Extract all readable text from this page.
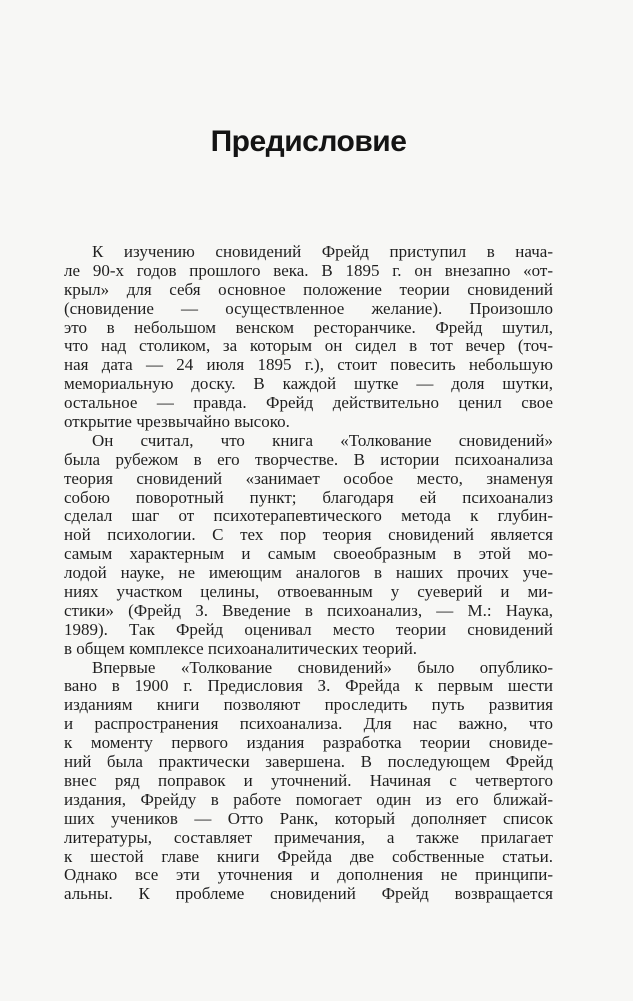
Предисловие
К изучению сновидений Фрейд приступил в нача-
ле 90-х годов прошлого века. В 1895 г. он внезапно «от-
крыл» для себя основное положение теории сновидений
(сновидение — осуществленное желание). Произошло
это в небольшом венском ресторанчике. Фрейд шутил,
что над столиком, за которым он сидел в тот вечер (точ-
ная дата — 24 июля 1895 г.), стоит повесить небольшую
мемориальную доску. В каждой шутке — доля шутки,
остальное — правда. Фрейд действительно ценил свое
открытие чрезвычайно высоко.
Он считал, что книга «Толкование сновидений»
была рубежом в его творчестве. В истории психоанализа
теория сновидений «занимает особое место, знаменуя
собою поворотный пункт; благодаря ей психоанализ
сделал шаг от психотерапевтического метода к глубин-
ной психологии. С тех пор теория сновидений является
самым характерным и самым своеобразным в этой мо-
лодой науке, не имеющим аналогов в наших прочих уче-
ниях участком целины, отвоеванным у суеверий и ми-
стики» (Фрейд З. Введение в психоанализ, — М.: Наука,
1989). Так Фрейд оценивал место теории сновидений
в общем комплексе психоаналитических теорий.
Впервые «Толкование сновидений» было опублико-
вано в 1900 г. Предисловия З. Фрейда к первым шести
изданиям книги позволяют проследить путь развития
и распространения психоанализа. Для нас важно, что
к моменту первого издания разработка теории сновиде-
ний была практически завершена. В последующем Фрейд
внес ряд поправок и уточнений. Начиная с четвертого
издания, Фрейду в работе помогает один из его ближай-
ших учеников — Отто Ранк, который дополняет список
литературы, составляет примечания, а также прилагает
к шестой главе книги Фрейда две собственные статьи.
Однако все эти уточнения и дополнения не принципи-
альны. К проблеме сновидений Фрейд возвращается
